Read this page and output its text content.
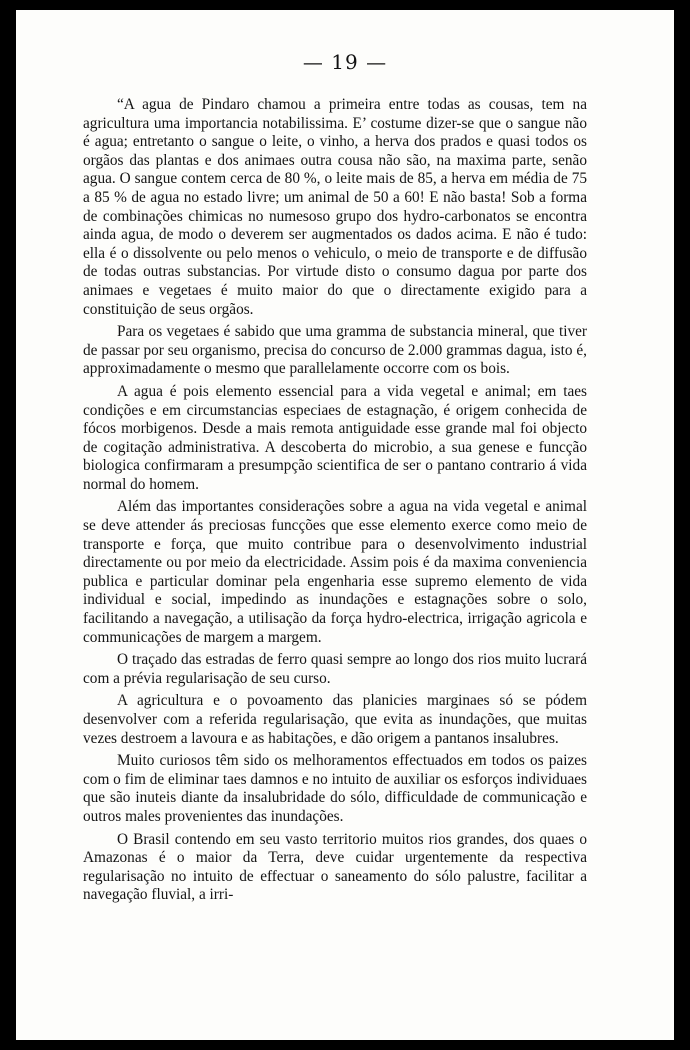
— 19 —

“A agua de Pindaro chamou a primeira entre todas as cousas, tem na agricultura uma importancia notabilissima. E’ costume dizer-se que o sangue não é agua; entretanto o sangue o leite, o vinho, a herva dos prados e quasi todos os orgãos das plantas e dos animaes outra cousa não são, na maxima parte, senão agua. O sangue contem cerca de 80 %, o leite mais de 85, a herva em média de 75 a 85 % de agua no estado livre; um animal de 50 a 60! E não basta! Sob a forma de combinações chimicas no numesoso grupo dos hydro-carbonatos se encontra ainda agua, de modo o deverem ser augmentados os dados acima. E não é tudo: ella é o dissolvente ou pelo menos o vehiculo, o meio de transporte e de diffusão de todas outras substancias. Por virtude disto o consumo dagua por parte dos animaes e vegetaes é muito maior do que o directamente exigido para a constituição de seus orgãos.

Para os vegetaes é sabido que uma gramma de substancia mineral, que tiver de passar por seu organismo, precisa do concurso de 2.000 grammas dagua, isto é, approximadamente o mesmo que parallelamente occorre com os bois.

A agua é pois elemento essencial para a vida vegetal e animal; em taes condições e em circumstancias especiaes de estagnação, é origem conhecida de fócos morbigenos. Desde a mais remota antiguidade esse grande mal foi objecto de cogitação administrativa. A descoberta do microbio, a sua genese e funcção biologica confirmaram a presumpção scientifica de ser o pantano contrario á vida normal do homem.

Além das importantes considerações sobre a agua na vida vegetal e animal se deve attender ás preciosas funcções que esse elemento exerce como meio de transporte e força, que muito contribue para o desenvolvimento industrial directamente ou por meio da electricidade. Assim pois é da maxima conveniencia publica e particular dominar pela engenharia esse supremo elemento de vida individual e social, impedindo as inundações e estagnações sobre o solo, facilitando a navegação, a utilisação da força hydro-electrica, irrigação agricola e communicações de margem a margem.

O traçado das estradas de ferro quasi sempre ao longo dos rios muito lucrará com a prévia regularisação de seu curso.

A agricultura e o povoamento das planicies marginaes só se pódem desenvolver com a referida regularisação, que evita as inundações, que muitas vezes destroem a lavoura e as habitações, e dão origem a pantanos insalubres.

Muito curiosos têm sido os melhoramentos effectuados em todos os paizes com o fim de eliminar taes damnos e no intuito de auxiliar os esforços individuaes que são inuteis diante da insalubridade do sólo, difficuldade de communicação e outros males provenientes das inundações.

O Brasil contendo em seu vasto territorio muitos rios grandes, dos quaes o Amazonas é o maior da Terra, deve cuidar urgentemente da respectiva regularisação no intuito de effectuar o saneamento do sólo palustre, facilitar a navegação fluvial, a irri-
